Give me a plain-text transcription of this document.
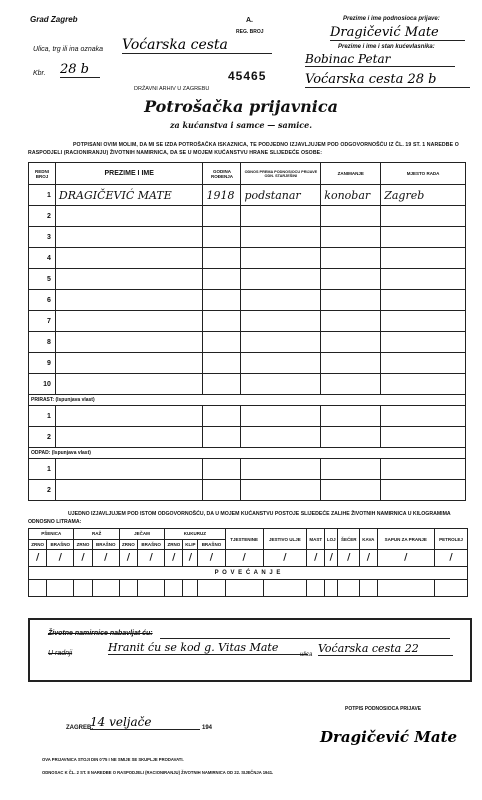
Grad Zagreb	A.
REG. BROJ
Prezime i ime podnosioca prijave:
Dragičević Mate
Ulica, trg ili ina oznaka Voćarska cesta	Prezime i ime i stan kućevlasnika:
Bobinac Petar
Kbr. 28 b
DRŽAVNI ARHIV U ZAGREBU
45465	Voćarska cesta 28 b
Potrošačka prijavnica
za kućanstva i samce — samice.
POTPISANI OVIM MOLIM, DA MI SE IZDA POTROŠAČKA ISKAZNICA, TE PODJEDNO IZJAVLJUJEM POD ODGOVORNOŠĆU IZ ČL. 19 ST. 1 NAREDBE O RASPODJELI (RACIONIRANJU) ŽIVOTNIH NAMIRNICA, DA SE U MOJEM KUĆANSTVU HRANE SLIJEDEĆE OSOBE:
REDNI BROJ	PREZIME I IME	GODINA ROĐENJA	ODNOS PREMA PODNOSIOCU PRIJAVE ODN. STARJEŠINI	ZANIMANJE	MJESTO RADA
1	DRAGIČEVIĆ MATE	1918	podstanar	konobar	Zagreb
2					
3					
4					
5					
6					
7					
8					
9					
10					
PRIRAST: (Ispunjava vlast)					
1					
2					
ODPAD: (Ispunjava vlast)					
1					
2					
UJEDNO IZJAVLJUJEM POD ISTOM ODGOVORNOŠĆU, DA U MOJEM KUĆANSTVU POSTOJE SLIJEDEĆE ZALIHE ŽIVOTNIH NAMIRNICA U KILOGRAMIMA ODNOSNO LITRAMA:
PŠENICA		RAŽ		JEČAM		KUKURUZ			TJESTENINE	JESTIVO ULJE	MAST	LOJ	ŠEĆER	KAVA	SAPUN ZA PRANJE	PETROLEJ
ZRNO	BRAŠNO	ZRNO	BRAŠNO	ZRNO	BRAŠNO	ZRNO	KLIP	BRAŠNO								
/	/	/	/	/	/	/	/	/	/	/	/	/	/	/	/	/
P O V E Ć A N J E																

Životne namirnice nabavljat ću:
U radnji	Hranit ću se kod g. Vitas Mate
ulica Voćarska cesta 22
ZAGREB,
14 veljače	194
POTPIS PODNOSIOCA PRIJAVE
Dragičević Mate
OVA PRIJAVNICA STOJI DIN 0'75 I NE SMIJE SE SKUPLJE PRODAVATI.
ODNOSAC K ČL. 2 ST. 8 NAREDBE O RASPODJELI (RACIONIRANJU) ŽIVOTNIH NAMIRNICA OD 22. SIJEČNJA 1941.
